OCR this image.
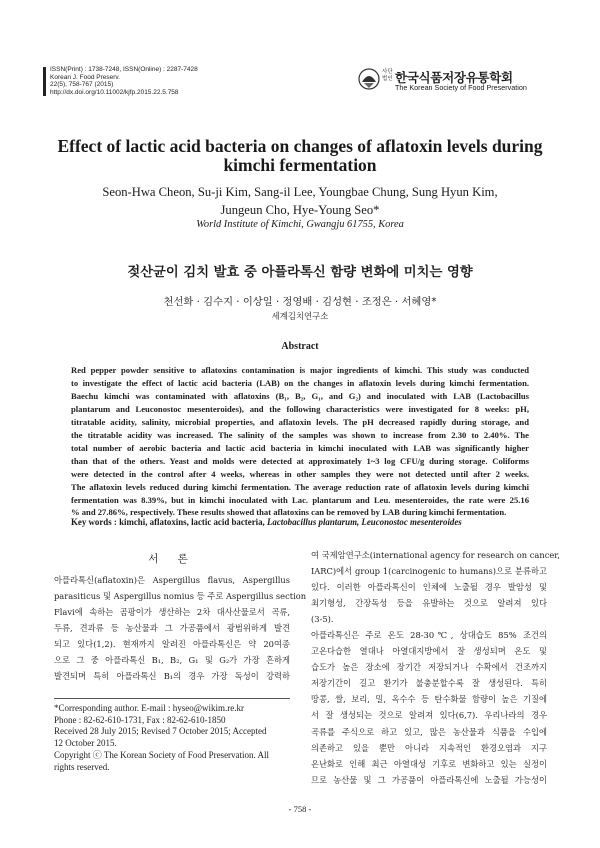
ISSN(Print) : 1738-7248, ISSN(Online) : 2287-7428
Korean J. Food Preserv.
22(5), 758-767 (2015)
http://dx.doi.org/10.11002/kjfp.2015.22.5.758
사단 법인 한국식품저장유통학회
The Korean Society of Food Preservation
Effect of lactic acid bacteria on changes of aflatoxin levels during
kimchi fermentation
Seon-Hwa Cheon, Su-ji Kim, Sang-il Lee, Youngbae Chung, Sung Hyun Kim,
Jungeun Cho, Hye-Young Seo*
World Institute of Kimchi, Gwangju 61755, Korea
젖산균이 김치 발효 중 아플라톡신 함량 변화에 미치는 영향
천선화 · 김수지 · 이상일 · 정영배 · 김성현 · 조정은 · 서혜영*
세계김치연구소
Abstract
Red pepper powder sensitive to aflatoxins contamination is major ingredients of kimchi. This study was conducted
to investigate the effect of lactic acid bacteria (LAB) on the changes in aflatoxin levels during kimchi fermentation.
Baechu kimchi was contaminated with aflatoxins (B₁, B₂, G₁, and G₂) and inoculated with LAB (Lactobacillus
plantarum and Leuconostoc mesenteroides), and the following characteristics were investigated for 8 weeks: pH,
titratable acidity, salinity, microbial properties, and aflatoxin levels. The pH decreased rapidly during storage, and
the titratable acidity was increased. The salinity of the samples was shown to increase from 2.30 to 2.40%. The
total number of aerobic bacteria and lactic acid bacteria in kimchi inoculated with LAB was significantly higher
than that of the others. Yeast and molds were detected at approximately 1~3 log CFU/g during storage. Coliforms
were detected in the control after 4 weeks, whereas in other samples they were not detected until after 2 weeks.
The aflatoxin levels reduced during kimchi fermentation. The average reduction rate of aflatoxin levels during kimchi
fermentation was 8.39%, but in kimchi inoculated with Lac. plantarum and Leu. mesenteroides, the rate were 25.16
% and 27.86%, respectively. These results showed that aflatoxins can be removed by LAB during kimchi fermentation.
Key words : kimchi, aflatoxins, lactic acid bacteria, Lactobacillus plantarum, Leuconostoc mesenteroides
서 론
아플라톡신(aflatoxin)은 Aspergillus flavus, Aspergillus
parasiticus 및 Aspergillus nomius 등 주로 Aspergillus section
Flavi에 속하는 곰팡이가 생산하는 2차 대사산물로서 곡류,
두류, 견과류 등 농산물과 그 가공품에서 광범위하게 발견
되고 있다(1,2). 현재까지 알려진 아플라톡신은 약 20여종
으로 그 중 아플라톡신 B₁, B₂, G₁ 및 G₂가 가장 흔하게
발견되며 특히 아플라톡신 B₁의 경우 가장 독성이 강력하
*Corresponding author. E-mail : hyseo@wikim.re.kr
Phone : 82-62-610-1731, Fax : 82-62-610-1850
Received 28 July 2015; Revised 7 October 2015; Accepted
12 October 2015.
Copyright ⓒ The Korean Society of Food Preservation. All
rights reserved.
여 국제암연구소(international agency for research on cancer,
IARC)에서 group 1(carcinogenic to humans)으로 분류하고
있다. 이러한 아플라톡신이 인체에 노출될 경우 발암성 및
최기형성, 간장독성 등을 유발하는 것으로 알려져 있다
(3-5).
아플라톡신은 주로 온도 28-30℃, 상대습도 85% 조건의
고온다습한 열대나 아열대지방에서 잘 생성되며 온도 및
습도가 높은 장소에 장기간 저장되거나 수확에서 건조까지
저장기간이 길고 환기가 불충분할수록 잘 생성된다. 특히
땅콩, 쌀, 보리, 밀, 옥수수 등 탄수화물 함량이 높은 기질에
서 잘 생성되는 것으로 알려져 있다(6,7). 우리나라의 경우
곡류를 주식으로 하고 있고, 많은 농산물과 식품을 수입에
의존하고 있을 뿐만 아니라 지속적인 환경오염과 지구
온난화로 인해 최근 아열대성 기후로 변화하고 있는 실정이
므로 농산물 및 그 가공품이 아플라톡신에 노출될 가능성이
- 758 -
